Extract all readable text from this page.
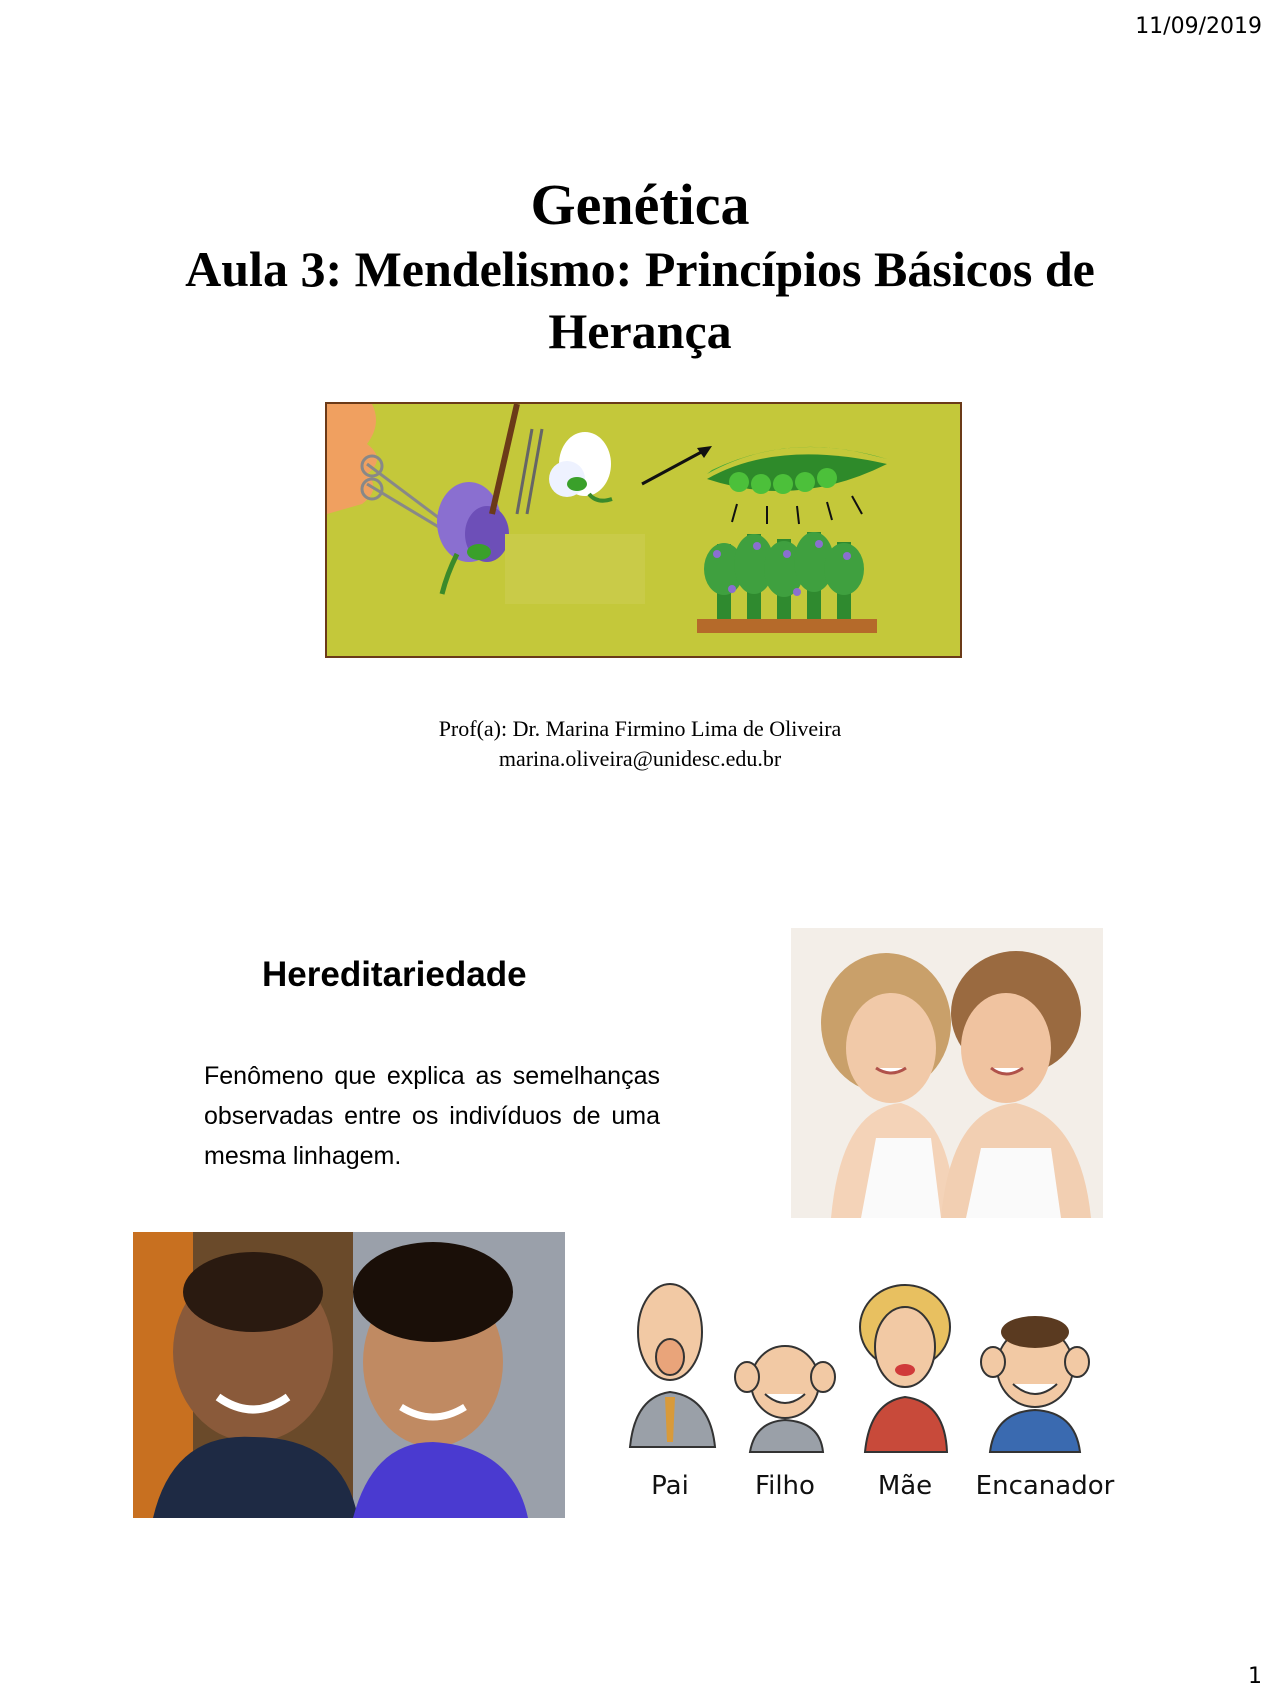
11/09/2019
Genética
Aula 3: Mendelismo: Princípios Básicos de Herança
Prof(a): Dr. Marina Firmino Lima de Oliveira
marina.oliveira@unidesc.edu.br
Hereditariedade
Fenômeno que explica as semelhanças observadas entre os indivíduos de uma mesma linhagem.
Pai	Filho Mãe Encanador
1
